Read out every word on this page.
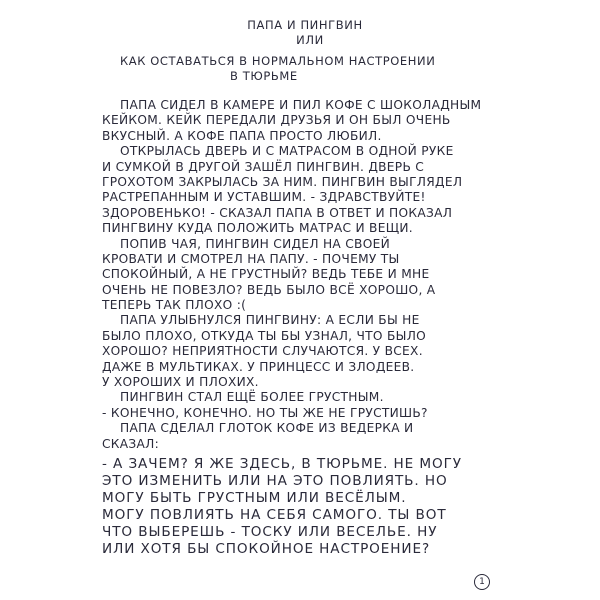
ПАПА И ПИНГВИН
ИЛИ
КАК ОСТАВАТЬСЯ В НОРМАЛЬНОМ НАСТРОЕНИИ
В ТЮРЬМЕ
ПАПА СИДЕЛ В КАМЕРЕ И ПИЛ КОФЕ С ШОКОЛАДНЫМ
КЕЙКОМ. КЕЙК ПЕРЕДАЛИ ДРУЗЬЯ И ОН БЫЛ ОЧЕНЬ
ВКУСНЫЙ. А КОФЕ ПАПА ПРОСТО ЛЮБИЛ.
ОТКРЫЛАСЬ ДВЕРЬ И С МАТРАСОМ В ОДНОЙ РУКЕ
И СУМКОЙ В ДРУГОЙ ЗАШЁЛ ПИНГВИН. ДВЕРЬ С
ГРОХОТОМ ЗАКРЫЛАСЬ ЗА НИМ. ПИНГВИН ВЫГЛЯДЕЛ
РАСТРЕПАННЫМ И УСТАВШИМ. - ЗДРАВСТВУЙТЕ!
ЗДОРОВЕНЬКО! - СКАЗАЛ ПАПА В ОТВЕТ И ПОКАЗАЛ
ПИНГВИНУ КУДА ПОЛОЖИТЬ МАТРАС И ВЕЩИ.
ПОПИВ ЧАЯ, ПИНГВИН СИДЕЛ НА СВОЕЙ
КРОВАТИ И СМОТРЕЛ НА ПАПУ. - ПОЧЕМУ ТЫ
СПОКОЙНЫЙ, А НЕ ГРУСТНЫЙ? ВЕДЬ ТЕБЕ И МНЕ
ОЧЕНЬ НЕ ПОВЕЗЛО? ВЕДЬ БЫЛО ВСЁ ХОРОШО, А
ТЕПЕРЬ ТАК ПЛОХО :(
ПАПА УЛЫБНУЛСЯ ПИНГВИНУ: А ЕСЛИ БЫ НЕ
БЫЛО ПЛОХО, ОТКУДА ТЫ БЫ УЗНАЛ, ЧТО БЫЛО
ХОРОШО? НЕПРИЯТНОСТИ СЛУЧАЮТСЯ. У ВСЕХ.
ДАЖЕ В МУЛЬТИКАХ. У ПРИНЦЕСС И ЗЛОДЕЕВ.
У ХОРОШИХ И ПЛОХИХ.
ПИНГВИН СТАЛ ЕЩЁ БОЛЕЕ ГРУСТНЫМ.
- КОНЕЧНО, КОНЕЧНО. НО ТЫ ЖЕ НЕ ГРУСТИШЬ?
ПАПА СДЕЛАЛ ГЛОТОК КОФЕ ИЗ ВЕДЕРКА И
СКАЗАЛ:
- А ЗАЧЕМ? Я ЖЕ ЗДЕСЬ, В ТЮРЬМЕ. НЕ МОГУ
ЭТО ИЗМЕНИТЬ ИЛИ НА ЭТО ПОВЛИЯТЬ. НО
МОГУ БЫТЬ ГРУСТНЫМ ИЛИ ВЕСЁЛЫМ.
МОГУ ПОВЛИЯТЬ НА СЕБЯ САМОГО. ТЫ ВОТ
ЧТО ВЫБЕРЕШЬ - ТОСКУ ИЛИ ВЕСЕЛЬЕ. НУ
ИЛИ ХОТЯ БЫ СПОКОЙНОЕ НАСТРОЕНИЕ?
1
